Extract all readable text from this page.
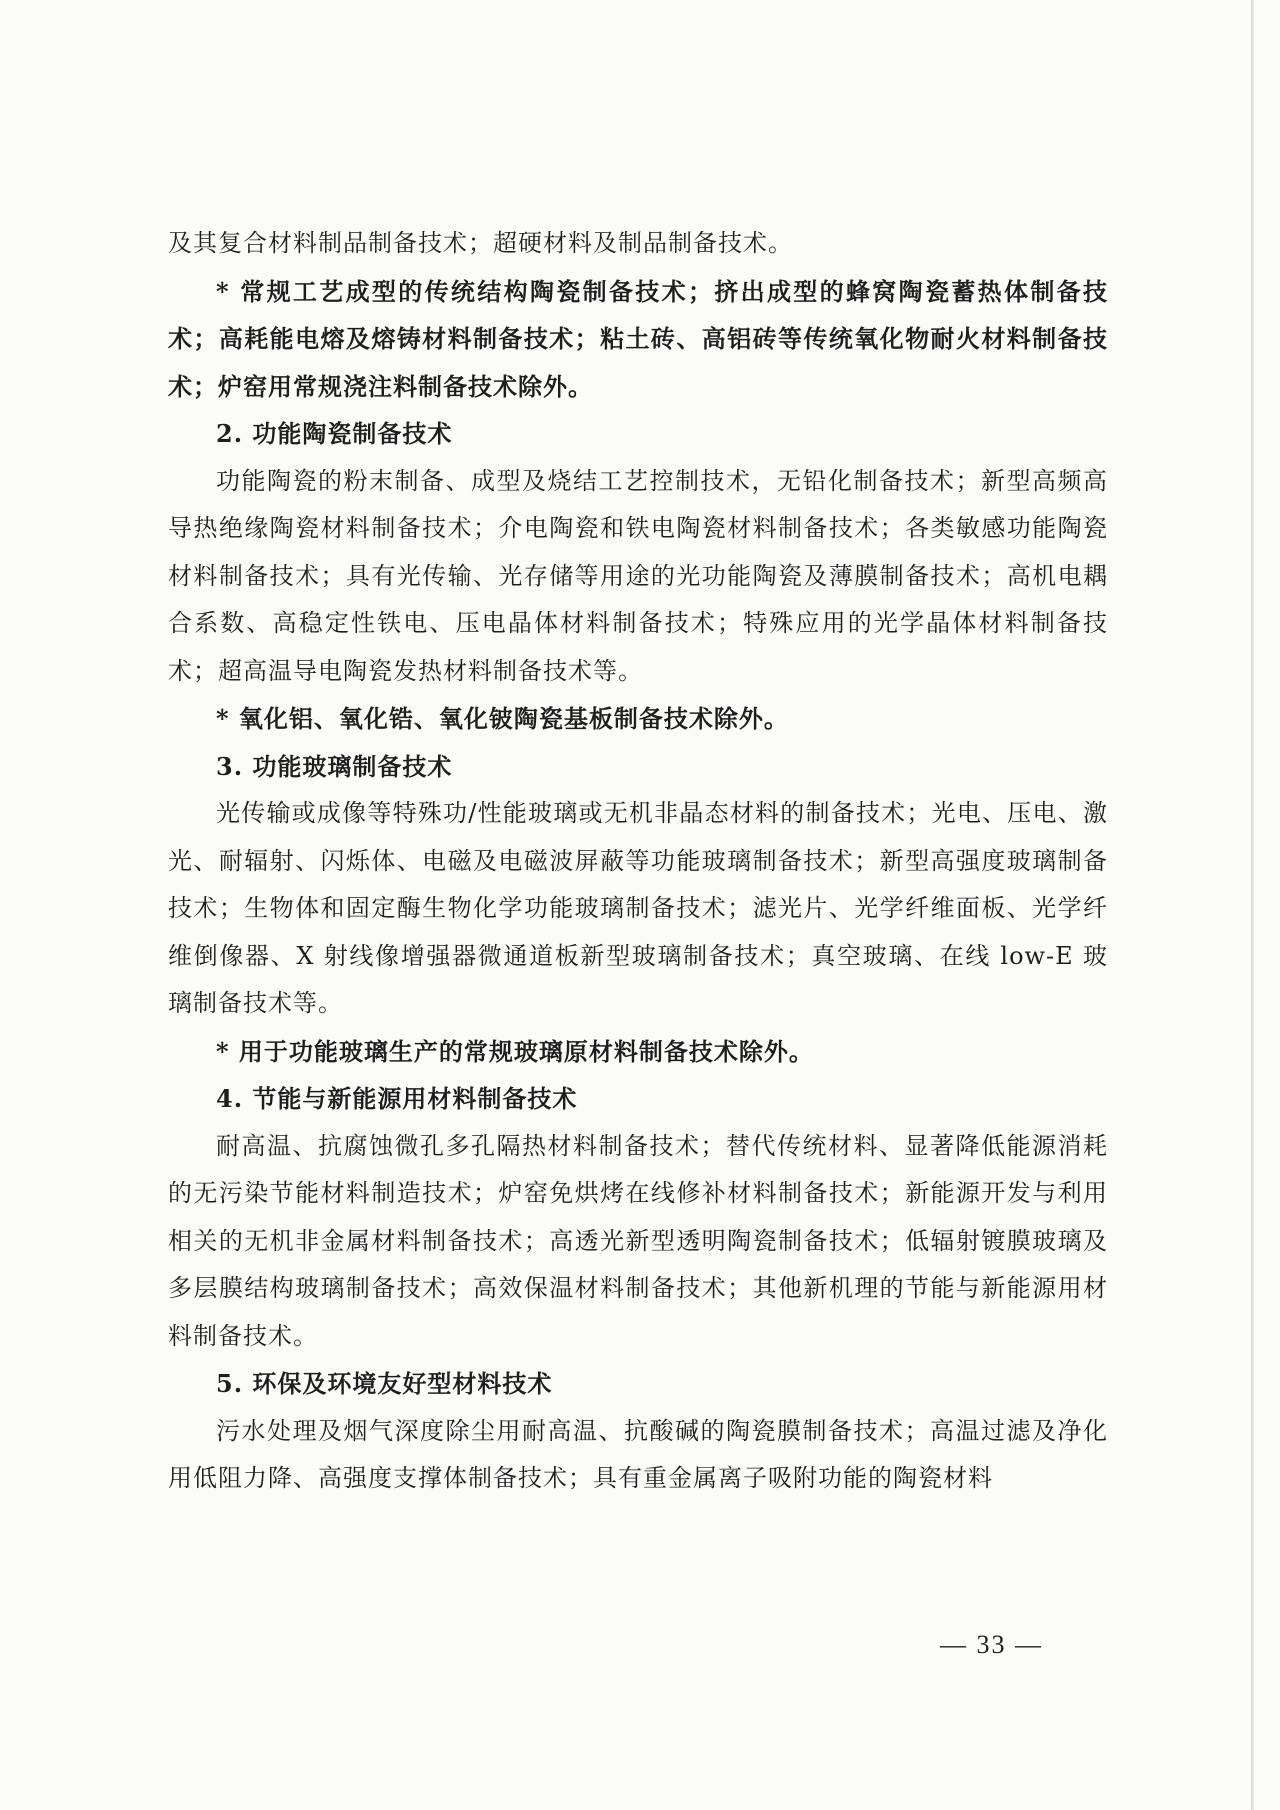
及其复合材料制品制备技术；超硬材料及制品制备技术。

* 常规工艺成型的传统结构陶瓷制备技术；挤出成型的蜂窝陶瓷蓄热体制备技术；高耗能电熔及熔铸材料制备技术；粘土砖、高铝砖等传统氧化物耐火材料制备技术；炉窑用常规浇注料制备技术除外。

2. 功能陶瓷制备技术

功能陶瓷的粉末制备、成型及烧结工艺控制技术，无铅化制备技术；新型高频高导热绝缘陶瓷材料制备技术；介电陶瓷和铁电陶瓷材料制备技术；各类敏感功能陶瓷材料制备技术；具有光传输、光存储等用途的光功能陶瓷及薄膜制备技术；高机电耦合系数、高稳定性铁电、压电晶体材料制备技术；特殊应用的光学晶体材料制备技术；超高温导电陶瓷发热材料制备技术等。

* 氧化铝、氧化锆、氧化铍陶瓷基板制备技术除外。

3. 功能玻璃制备技术

光传输或成像等特殊功/性能玻璃或无机非晶态材料的制备技术；光电、压电、激光、耐辐射、闪烁体、电磁及电磁波屏蔽等功能玻璃制备技术；新型高强度玻璃制备技术；生物体和固定酶生物化学功能玻璃制备技术；滤光片、光学纤维面板、光学纤维倒像器、X 射线像增强器微通道板新型玻璃制备技术；真空玻璃、在线 low-E 玻璃制备技术等。

* 用于功能玻璃生产的常规玻璃原材料制备技术除外。

4. 节能与新能源用材料制备技术

耐高温、抗腐蚀微孔多孔隔热材料制备技术；替代传统材料、显著降低能源消耗的无污染节能材料制造技术；炉窑免烘烤在线修补材料制备技术；新能源开发与利用相关的无机非金属材料制备技术；高透光新型透明陶瓷制备技术；低辐射镀膜玻璃及多层膜结构玻璃制备技术；高效保温材料制备技术；其他新机理的节能与新能源用材料制备技术。

5. 环保及环境友好型材料技术

污水处理及烟气深度除尘用耐高温、抗酸碱的陶瓷膜制备技术；高温过滤及净化用低阻力降、高强度支撑体制备技术；具有重金属离子吸附功能的陶瓷材料

— 33 —
